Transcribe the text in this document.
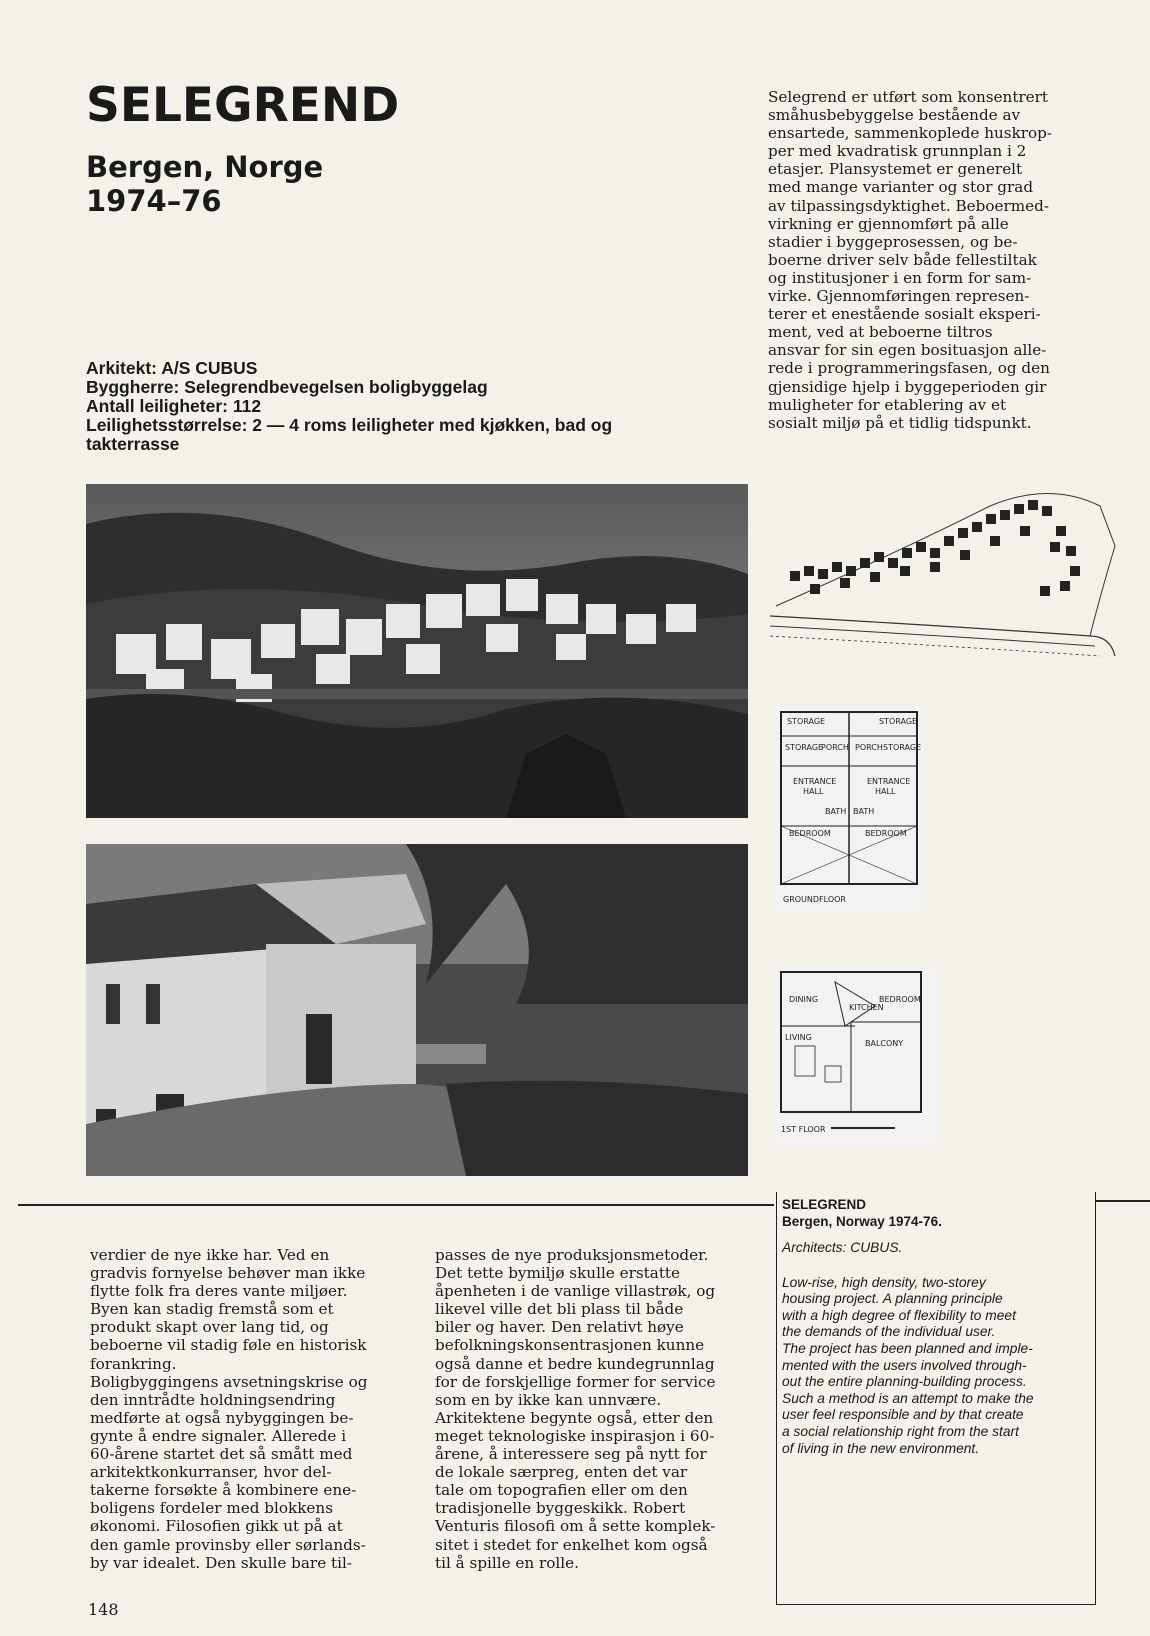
SELEGREND
Bergen, Norge
1974–76
Arkitekt: A/S CUBUS
Byggherre: Selegrendbevegelsen boligbyggelag
Antall leiligheter: 112
Leilighetsstørrelse: 2 — 4 roms leiligheter med kjøkken, bad og
takterrasse
Selegrend er utført som konsentrert
småhusbebyggelse bestående av
ensartede, sammenkoplede huskrop-
per med kvadratisk grunnplan i 2
etasjer. Plansystemet er generelt
med mange varianter og stor grad
av tilpassingsdyktighet. Beboermed-
virkning er gjennomført på alle
stadier i byggeprosessen, og be-
boerne driver selv både fellestiltak
og institusjoner i en form for sam-
virke. Gjennomføringen represen-
terer et enestående sosialt eksperi-
ment, ved at beboerne tiltros
ansvar for sin egen bosituasjon alle-
rede i programmeringsfasen, og den
gjensidige hjelp i byggeperioden gir
muligheter for etablering av et
sosialt miljø på et tidlig tidspunkt.
STORAGE	STORAGE
STORAGE
PORCH PORCH STORAGE
ENTRANCE
HALL
ENTRANCE
HALL
BATH BATH
BEDROOM	BEDROOM
GROUNDFLOOR
DINING
KITCHEN
BEDROOM
LIVING
BALCONY
1ST FLOOR
SELEGREND
Bergen, Norway 1974-76.
Architects: CUBUS.
Low-rise, high density, two-storey
housing project. A planning principle
with a high degree of flexibility to meet
the demands of the individual user.
The project has been planned and imple-
mented with the users involved through-
out the entire planning-building process.
Such a method is an attempt to make the
user feel responsible and by that create
a social relationship right from the start
of living in the new environment.
verdier de nye ikke har. Ved en
gradvis fornyelse behøver man ikke
flytte folk fra deres vante miljøer.
Byen kan stadig fremstå som et
produkt skapt over lang tid, og
beboerne vil stadig føle en historisk
forankring.
Boligbyggingens avsetningskrise og
den inntrådte holdningsendring
medførte at også nybyggingen be-
gynte å endre signaler. Allerede i
60-årene startet det så smått med
arkitektkonkurranser, hvor del-
takerne forsøkte å kombinere ene-
boligens fordeler med blokkens
økonomi. Filosofien gikk ut på at
den gamle provinsby eller sørlands-
by var idealet. Den skulle bare til-
passes de nye produksjonsmetoder.
Det tette bymiljø skulle erstatte
åpenheten i de vanlige villastrøk, og
likevel ville det bli plass til både
biler og haver. Den relativt høye
befolkningskonsentrasjonen kunne
også danne et bedre kundegrunnlag
for de forskjellige former for service
som en by ikke kan unnvære.
Arkitektene begynte også, etter den
meget teknologiske inspirasjon i 60-
årene, å interessere seg på nytt for
de lokale særpreg, enten det var
tale om topografien eller om den
tradisjonelle byggeskikk. Robert
Venturis filosofi om å sette komplek-
sitet i stedet for enkelhet kom også
til å spille en rolle.
148
